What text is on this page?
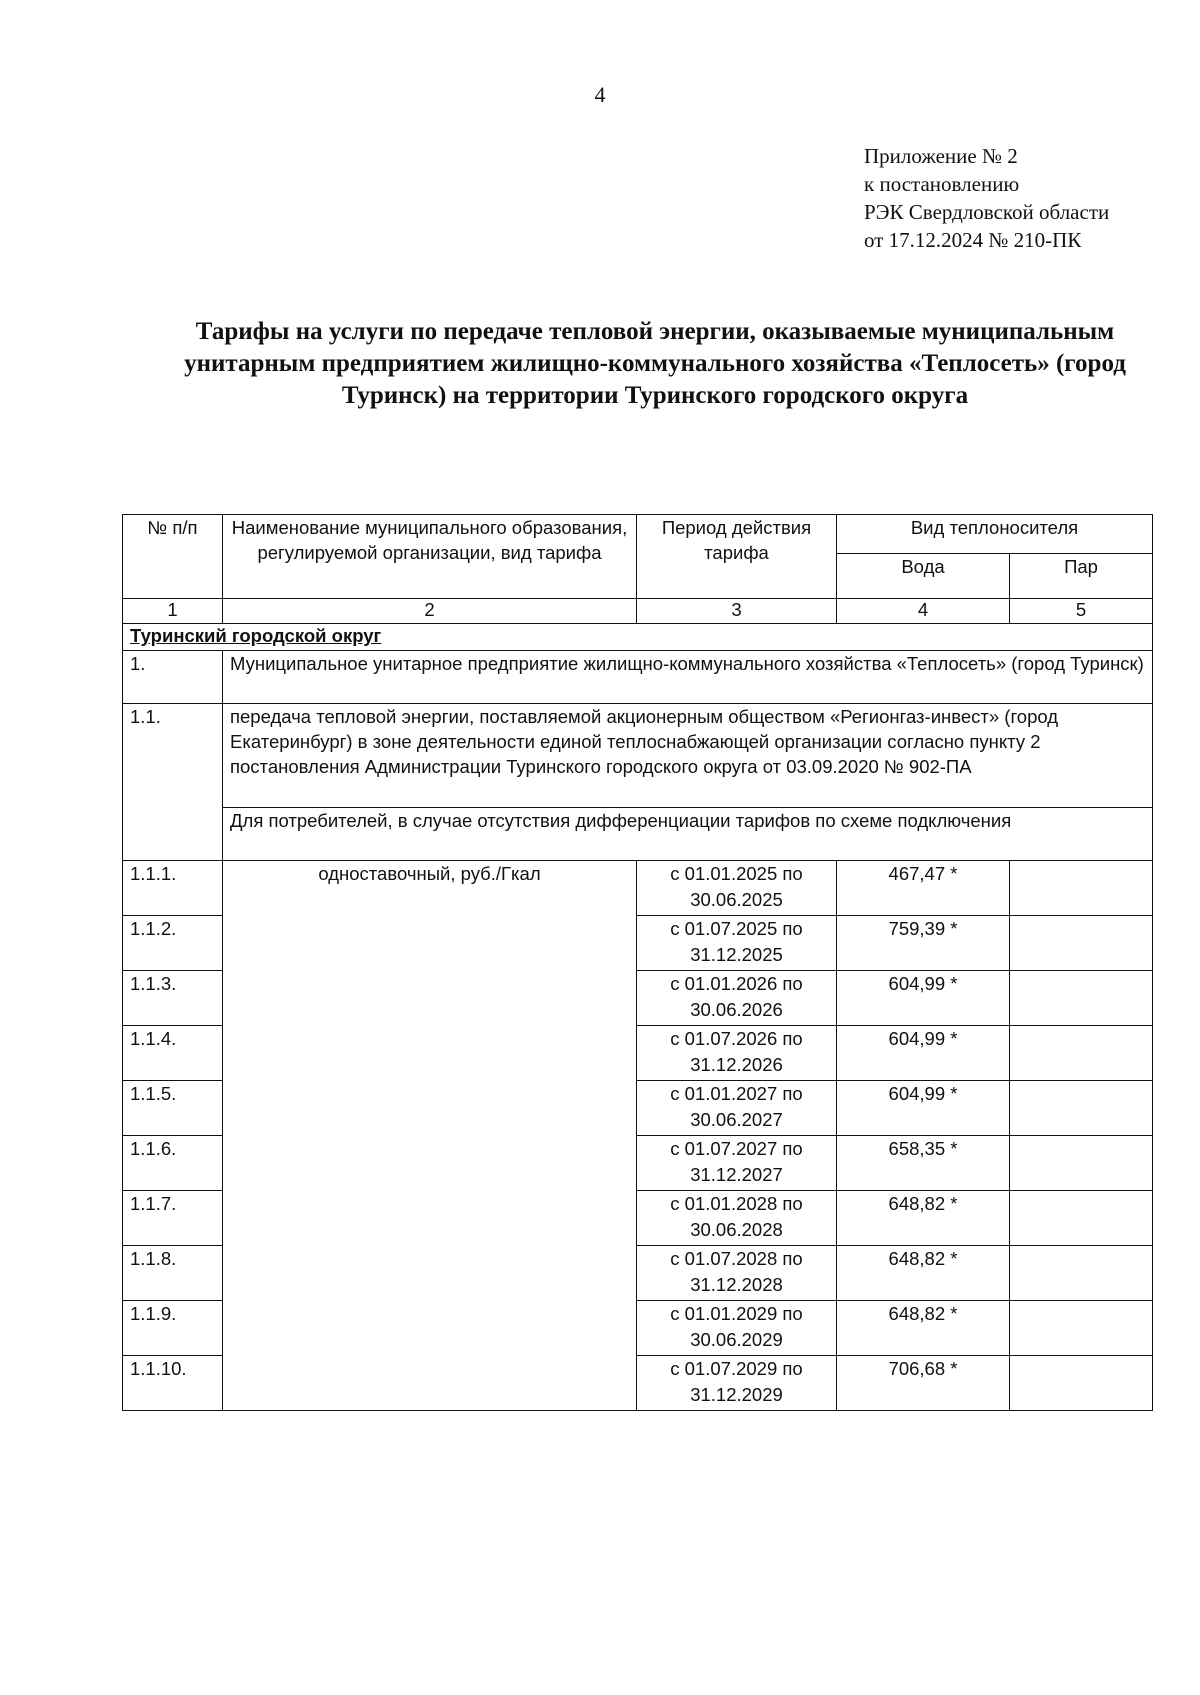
4
Приложение № 2
к постановлению
РЭК Свердловской области
от 17.12.2024 № 210-ПК
Тарифы на услуги по передаче тепловой энергии, оказываемые муниципальным унитарным предприятием жилищно-коммунального хозяйства «Теплосеть» (город Туринск) на территории Туринского городского округа
№ п/п	Наименование муниципального образования, регулируемой организации, вид тарифа	Период действия тарифа	Вид теплоносителя	
			Вода	Пар
1	2	3	4	5
Туринский городской округ				
1.	Муниципальное унитарное предприятие жилищно-коммунального хозяйства «Теплосеть» (город Туринск)			
1.1.	передача тепловой энергии, поставляемой акционерным обществом «Регионгаз-инвест» (город Екатеринбург) в зоне деятельности единой теплоснабжающей организации согласно пункту 2 постановления Администрации Туринского городского округа от 03.09.2020 № 902-ПА			
	Для потребителей, в случае отсутствия дифференциации тарифов по схеме подключения			
1.1.1.	одноставочный, руб./Гкал	с 01.01.2025 по 30.06.2025	467,47 *	
1.1.2.		с 01.07.2025 по 31.12.2025	759,39 *	
1.1.3.		с 01.01.2026 по 30.06.2026	604,99 *	
1.1.4.		с 01.07.2026 по 31.12.2026	604,99 *	
1.1.5.		с 01.01.2027 по 30.06.2027	604,99 *	
1.1.6.		с 01.07.2027 по 31.12.2027	658,35 *	
1.1.7.		с 01.01.2028 по 30.06.2028	648,82 *	
1.1.8.		с 01.07.2028 по 31.12.2028	648,82 *	
1.1.9.		с 01.01.2029 по 30.06.2029	648,82 *	
1.1.10.		с 01.07.2029 по 31.12.2029	706,68 *	
